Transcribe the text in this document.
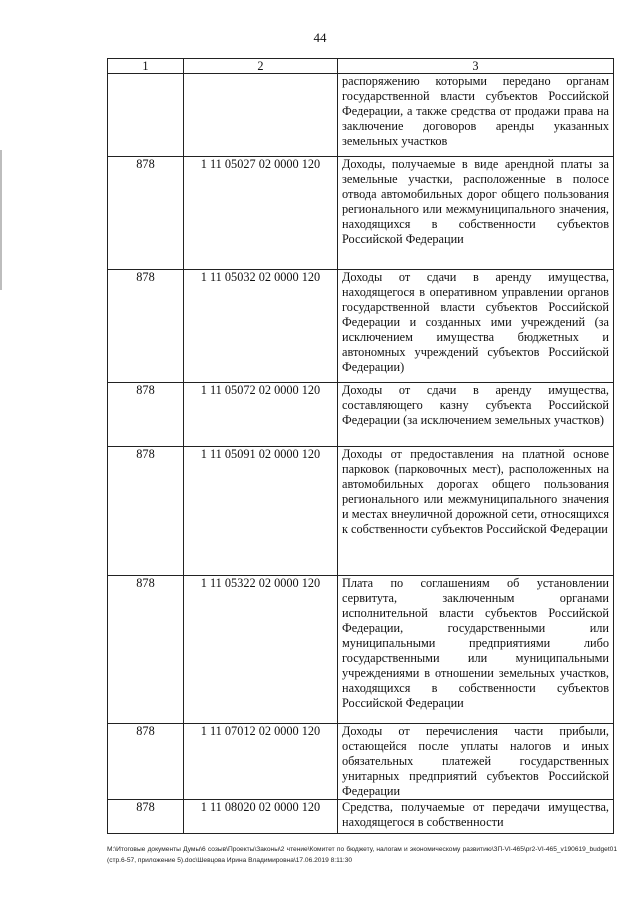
44
1	2	3
		распоряжению которыми передано органам государственной власти субъектов Российской Федерации, а также средства от продажи права на заключение договоров аренды указанных земельных участков
878	1 11 05027 02 0000 120	Доходы, получаемые в виде арендной платы за земельные участки, расположенные в полосе отвода автомобильных дорог общего пользования регионального или межмуниципального значения, находящихся в собственности субъектов Российской Федерации
878	1 11 05032 02 0000 120	Доходы от сдачи в аренду имущества, находящегося в оперативном управлении органов государственной власти субъектов Российской Федерации и созданных ими учреждений (за исключением имущества бюджетных и автономных учреждений субъектов Российской Федерации)
878	1 11 05072 02 0000 120	Доходы от сдачи в аренду имущества, составляющего казну субъекта Российской Федерации (за исключением земельных участков)
878	1 11 05091 02 0000 120	Доходы от предоставления на платной основе парковок (парковочных мест), расположенных на автомобильных дорогах общего пользования регионального или межмуниципального значения и местах внеуличной дорожной сети, относящихся к собственности субъектов Российской Федерации
878	1 11 05322 02 0000 120	Плата по соглашениям об установлении сервитута, заключенным органами исполнительной власти субъектов Российской Федерации, государственными или муниципальными предприятиями либо государственными или муниципальными учреждениями в отношении земельных участков, находящихся в собственности субъектов Российской Федерации
878	1 11 07012 02 0000 120	Доходы от перечисления части прибыли, остающейся после уплаты налогов и иных обязательных платежей государственных унитарных предприятий субъектов Российской Федерации
878	1 11 08020 02 0000 120	Средства, получаемые от передачи имущества, находящегося в собственности
M:\Итоговые документы Думы\6 созыв\Проекты\Законы\2 чтение\Комитет по бюджету, налогам и экономическому развитию\ЗП-VI-465\pr2-VI-465_v190619_budget01 (стр.6-57, приложение 5).doc\Шевцова Ирина Владимировна\17.06.2019 8:11:30
